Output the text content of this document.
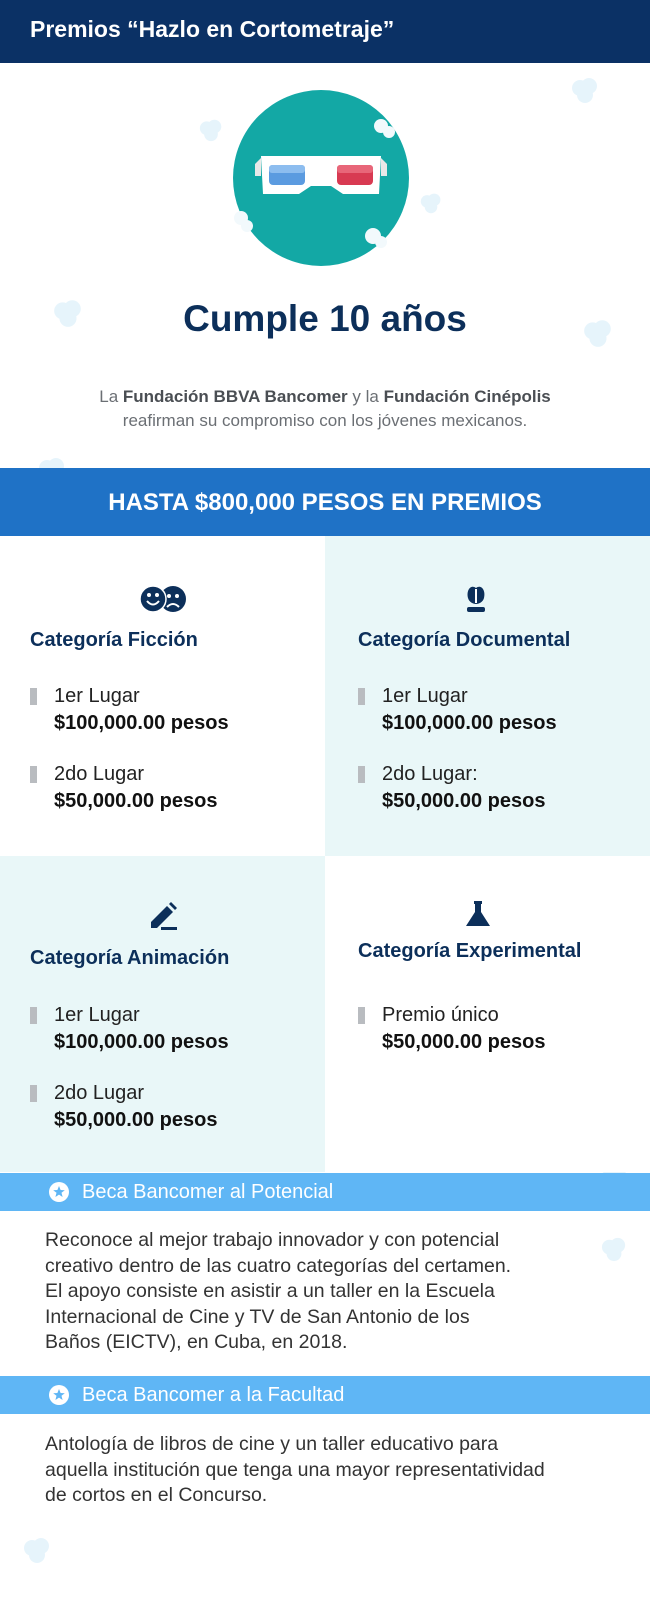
Premios “Hazlo en Cortometraje”
Cumple 10 años
La Fundación BBVA Bancomer y la Fundación Cinépolis
reafirman su compromiso con los jóvenes mexicanos.
HASTA $800,000 PESOS EN PREMIOS
Categoría Ficción
1er Lugar
$100,000.00 pesos
2do Lugar
$50,000.00 pesos
Categoría Documental
1er Lugar
$100,000.00 pesos
2do Lugar:
$50,000.00 pesos
Categoría Animación
1er Lugar
$100,000.00 pesos
2do Lugar
$50,000.00 pesos
Categoría Experimental
Premio único
$50,000.00 pesos
Beca Bancomer al Potencial
Reconoce al mejor trabajo innovador y con potencial
creativo dentro de las cuatro categorías del certamen.
El apoyo consiste en asistir a un taller en la Escuela
Internacional de Cine y TV de San Antonio de los
Baños (EICTV), en Cuba, en 2018.
Beca Bancomer a la Facultad
Antología de libros de cine y un taller educativo para
aquella institución que tenga una mayor representatividad
de cortos en el Concurso.
